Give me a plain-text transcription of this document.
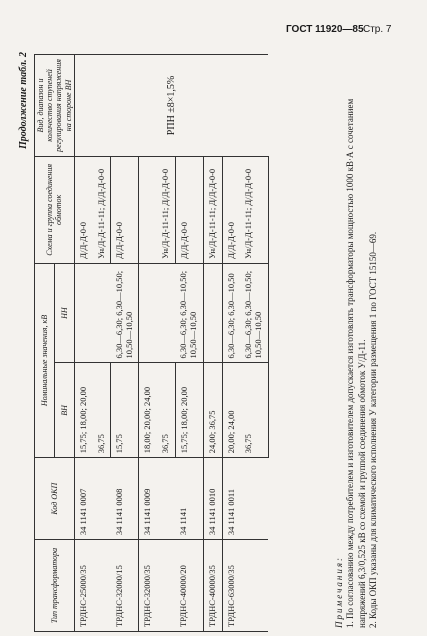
ГОСТ 11920—85 Стр. 7
Продолжение табл. 2
Тип трансформатора	Код ОКП	Номинальные значения, кВ		Схема и группа соединения обмоток	Вид, диапазон и количество ступеней регулирования напряжения на стороне ВН
		ВН	НН		
ТРДНС-25000/35	34 1141 0007	15,75; 18,00; 20,00		Д/Д-Д-0-0	РПН ±8×1,5%
		36,75		Ун/Д-Д-11-11; Д/Д-Д-0-0	
ТРДНС-32000/15	34 1141 0008	15,75	6,30—6,30; 6,30—10,50; 10,50—10,50	Д/Д-Д-0-0	
ТРДНС-32000/35	34 1141 0009	18,00; 20,00; 24,00			
		36,75		Ун/Д-Д-11-11; Д/Д-Д-0-0	
ТРДНС-40000/20	34 1141	15,75; 18,00; 20,00	6,30—6,30; 6,30—10,50; 10,50—10,50	Д/Д-Д-0-0	
ТРДНС-40000/35	34 1141 0010	24,00; 36,75		Ун/Д-Д-11-11; Д/Д-Д-0-0	
ТРДНС-63000/35	34 1141 0011	20,00; 24,00	6,30—6,30; 6,30—10,50	Д/Д-Д-0-0	
		36,75	6,30—6,30; 6,30—10,50; 10,50—10,50	Ун/Д-Д-11-11; Д/Д-Д-0-0	

Примечания: 1. По согласованию между потребителем и изготовителем допускается изготовлять трансформаторы мощностью 1000 кВ·А с сочетанием напряжений 6,3/0,525 кВ со схемой и группой соединения обмоток У/Д-11. 2. Коды ОКП указаны для климатического исполнения У категории размещения 1 по ГОСТ 15150—69.
